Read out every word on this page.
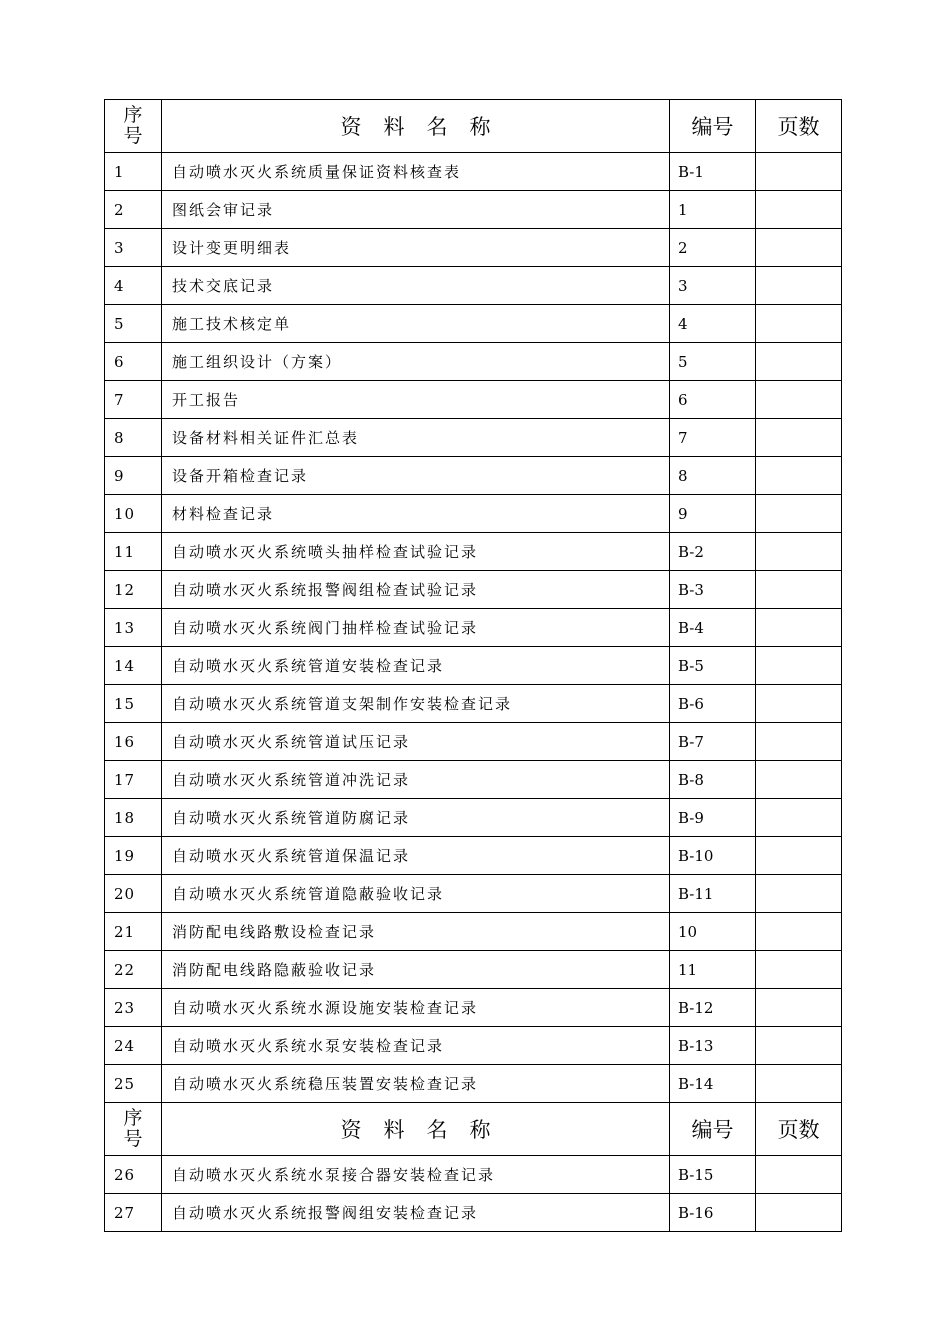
序
号	资料名称	编号	页数
1	自动喷水灭火系统质量保证资料核查表	B-1	
2	图纸会审记录	1	
3	设计变更明细表	2	
4	技术交底记录	3	
5	施工技术核定单	4	
6	施工组织设计（方案）	5	
7	开工报告	6	
8	设备材料相关证件汇总表	7	
9	设备开箱检查记录	8	
10	材料检查记录	9	
11	自动喷水灭火系统喷头抽样检查试验记录	B-2	
12	自动喷水灭火系统报警阀组检查试验记录	B-3	
13	自动喷水灭火系统阀门抽样检查试验记录	B-4	
14	自动喷水灭火系统管道安装检查记录	B-5	
15	自动喷水灭火系统管道支架制作安装检查记录	B-6	
16	自动喷水灭火系统管道试压记录	B-7	
17	自动喷水灭火系统管道冲洗记录	B-8	
18	自动喷水灭火系统管道防腐记录	B-9	
19	自动喷水灭火系统管道保温记录	B-10	
20	自动喷水灭火系统管道隐蔽验收记录	B-11	
21	消防配电线路敷设检查记录	10	
22	消防配电线路隐蔽验收记录	11	
23	自动喷水灭火系统水源设施安装检查记录	B-12	
24	自动喷水灭火系统水泵安装检查记录	B-13	
25	自动喷水灭火系统稳压装置安装检查记录	B-14	

序
号	资料名称	编号	页数
26	自动喷水灭火系统水泵接合器安装检查记录	B-15	
27	自动喷水灭火系统报警阀组安装检查记录	B-16	
